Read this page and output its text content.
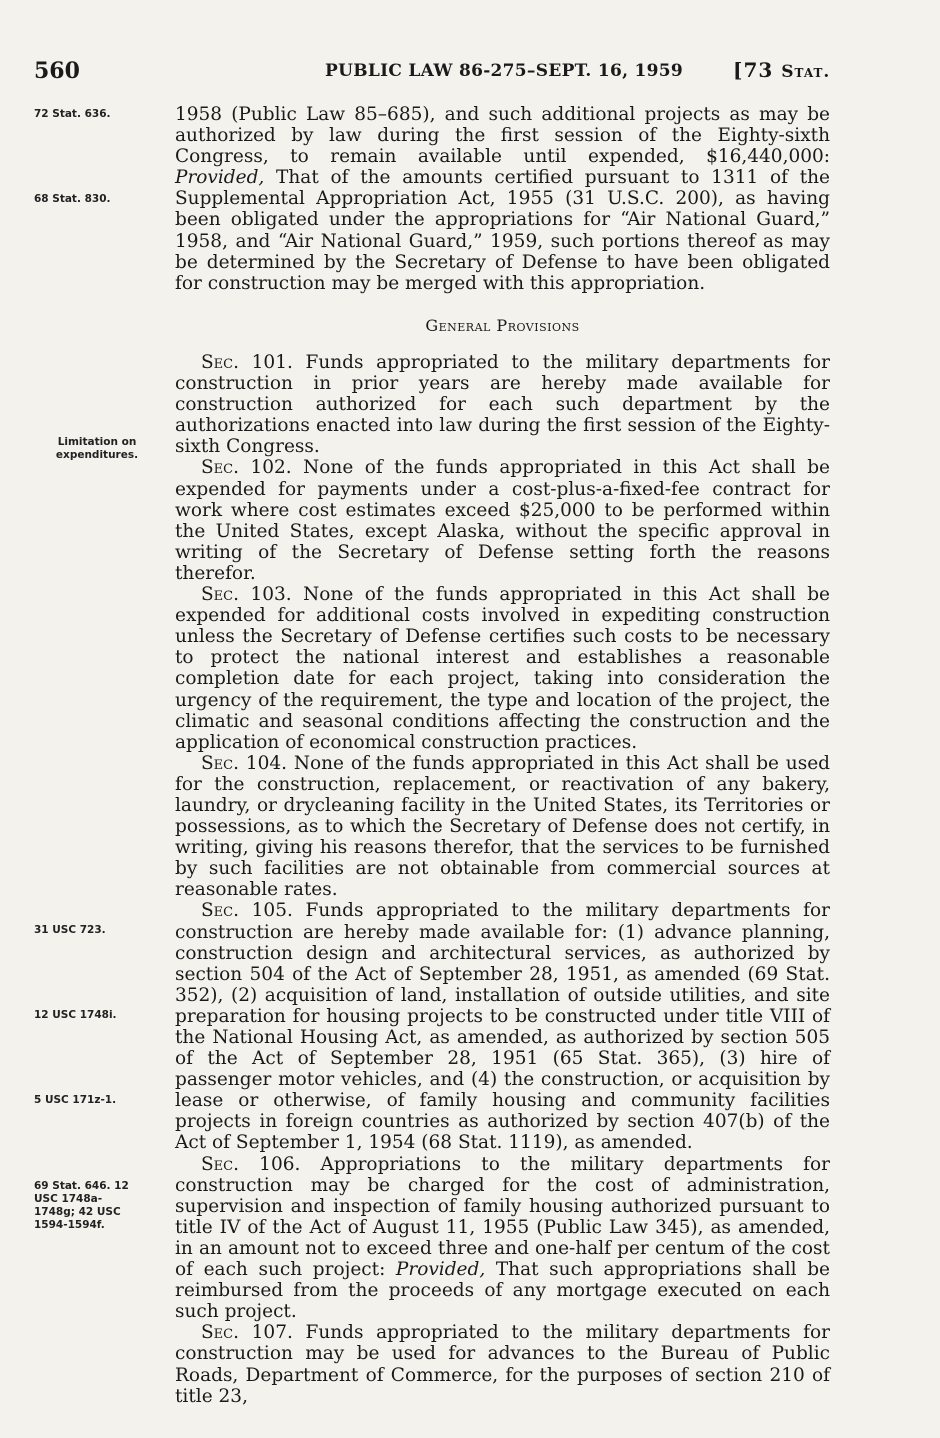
560	PUBLIC LAW 86-275–SEPT. 16, 1959 [73 Stat.
72 Stat. 636.
68 Stat. 830.
Limitation on expenditures.
31 USC 723.
12 USC 1748i.
5 USC 171z-1.
69 Stat. 646. 12 USC 1748a-1748g; 42 USC 1594-1594f.

1958 (Public Law 85–685), and such additional projects as may be authorized by law during the first session of the Eighty-sixth Congress, to remain available until expended, $16,440,000: Provided, That of the amounts certified pursuant to 1311 of the Supplemental Appropriation Act, 1955 (31 U.S.C. 200), as having been obligated under the appropriations for “Air National Guard,” 1958, and “Air National Guard,” 1959, such portions thereof as may be determined by the Secretary of Defense to have been obligated for construction may be merged with this appropriation.

General Provisions

Sec. 101. Funds appropriated to the military departments for construction in prior years are hereby made available for construction authorized for each such department by the authorizations enacted into law during the first session of the Eighty-sixth Congress.

Sec. 102. None of the funds appropriated in this Act shall be expended for payments under a cost-plus-a-fixed-fee contract for work where cost estimates exceed $25,000 to be performed within the United States, except Alaska, without the specific approval in writing of the Secretary of Defense setting forth the reasons therefor.

Sec. 103. None of the funds appropriated in this Act shall be expended for additional costs involved in expediting construction unless the Secretary of Defense certifies such costs to be necessary to protect the national interest and establishes a reasonable completion date for each project, taking into consideration the urgency of the requirement, the type and location of the project, the climatic and seasonal conditions affecting the construction and the application of economical construction practices.

Sec. 104. None of the funds appropriated in this Act shall be used for the construction, replacement, or reactivation of any bakery, laundry, or drycleaning facility in the United States, its Territories or possessions, as to which the Secretary of Defense does not certify, in writing, giving his reasons therefor, that the services to be furnished by such facilities are not obtainable from commercial sources at reasonable rates.

Sec. 105. Funds appropriated to the military departments for construction are hereby made available for: (1) advance planning, construction design and architectural services, as authorized by section 504 of the Act of September 28, 1951, as amended (69 Stat. 352), (2) acquisition of land, installation of outside utilities, and site preparation for housing projects to be constructed under title VIII of the National Housing Act, as amended, as authorized by section 505 of the Act of September 28, 1951 (65 Stat. 365), (3) hire of passenger motor vehicles, and (4) the construction, or acquisition by lease or otherwise, of family housing and community facilities projects in foreign countries as authorized by section 407(b) of the Act of September 1, 1954 (68 Stat. 1119), as amended.

Sec. 106. Appropriations to the military departments for construction may be charged for the cost of administration, supervision and inspection of family housing authorized pursuant to title IV of the Act of August 11, 1955 (Public Law 345), as amended, in an amount not to exceed three and one-half per centum of the cost of each such project: Provided, That such appropriations shall be reimbursed from the proceeds of any mortgage executed on each such project.

Sec. 107. Funds appropriated to the military departments for construction may be used for advances to the Bureau of Public Roads, Department of Commerce, for the purposes of section 210 of title 23,
